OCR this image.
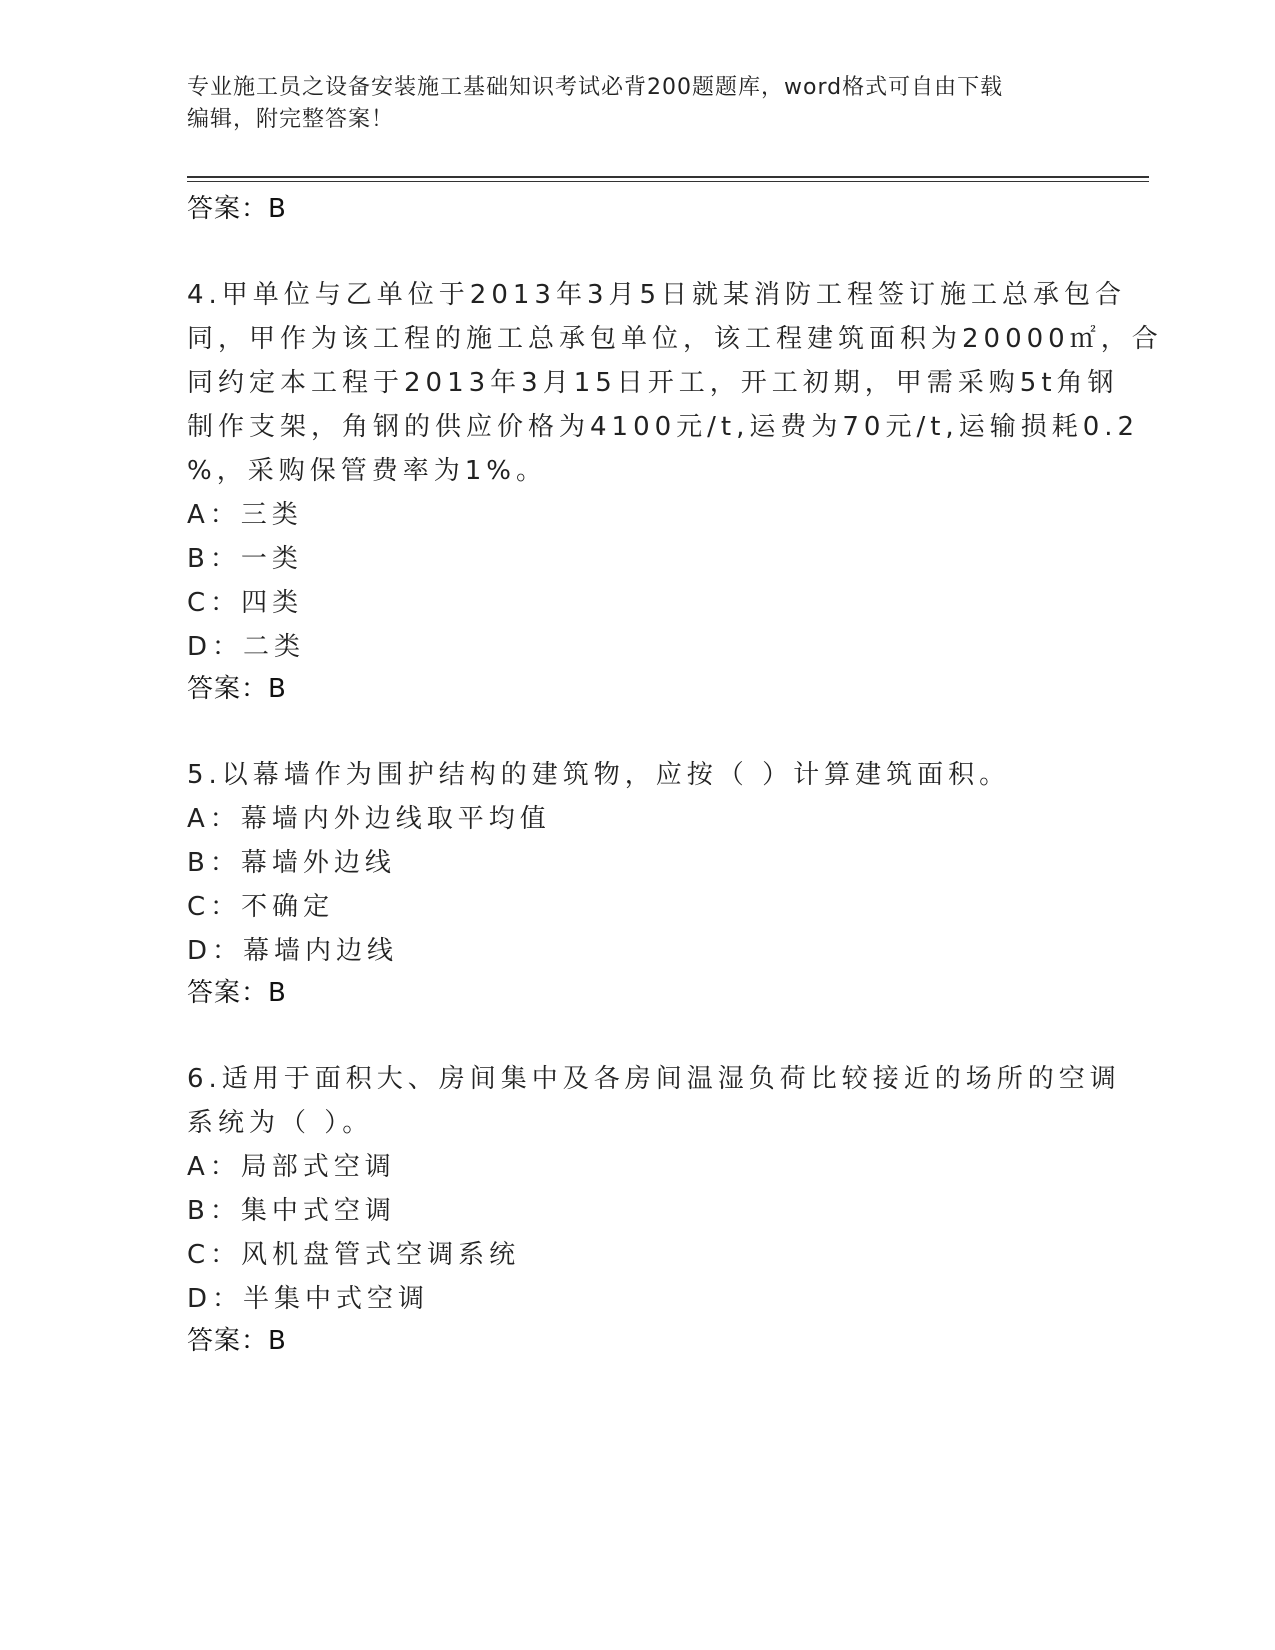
专业施工员之设备安装施工基础知识考试必背200题题库，word格式可自由下载
编辑，附完整答案！
答案：B
4.甲单位与乙单位于2013年3月5日就某消防工程签订施工总承包合
同，甲作为该工程的施工总承包单位，该工程建筑面积为20000㎡，合
同约定本工程于2013年3月15日开工，开工初期，甲需采购5t角钢
制作支架，角钢的供应价格为4100元/t,运费为70元/t,运输损耗0.2
%，采购保管费率为1%。
A：三类
B：一类
C：四类
D：二类
答案：B
5.以幕墙作为围护结构的建筑物，应按（ ）计算建筑面积。
A：幕墙内外边线取平均值
B：幕墙外边线
C：不确定
D：幕墙内边线
答案：B
6.适用于面积大、房间集中及各房间温湿负荷比较接近的场所的空调
系统为（ ）。
A：局部式空调
B：集中式空调
C：风机盘管式空调系统
D：半集中式空调
答案：B
